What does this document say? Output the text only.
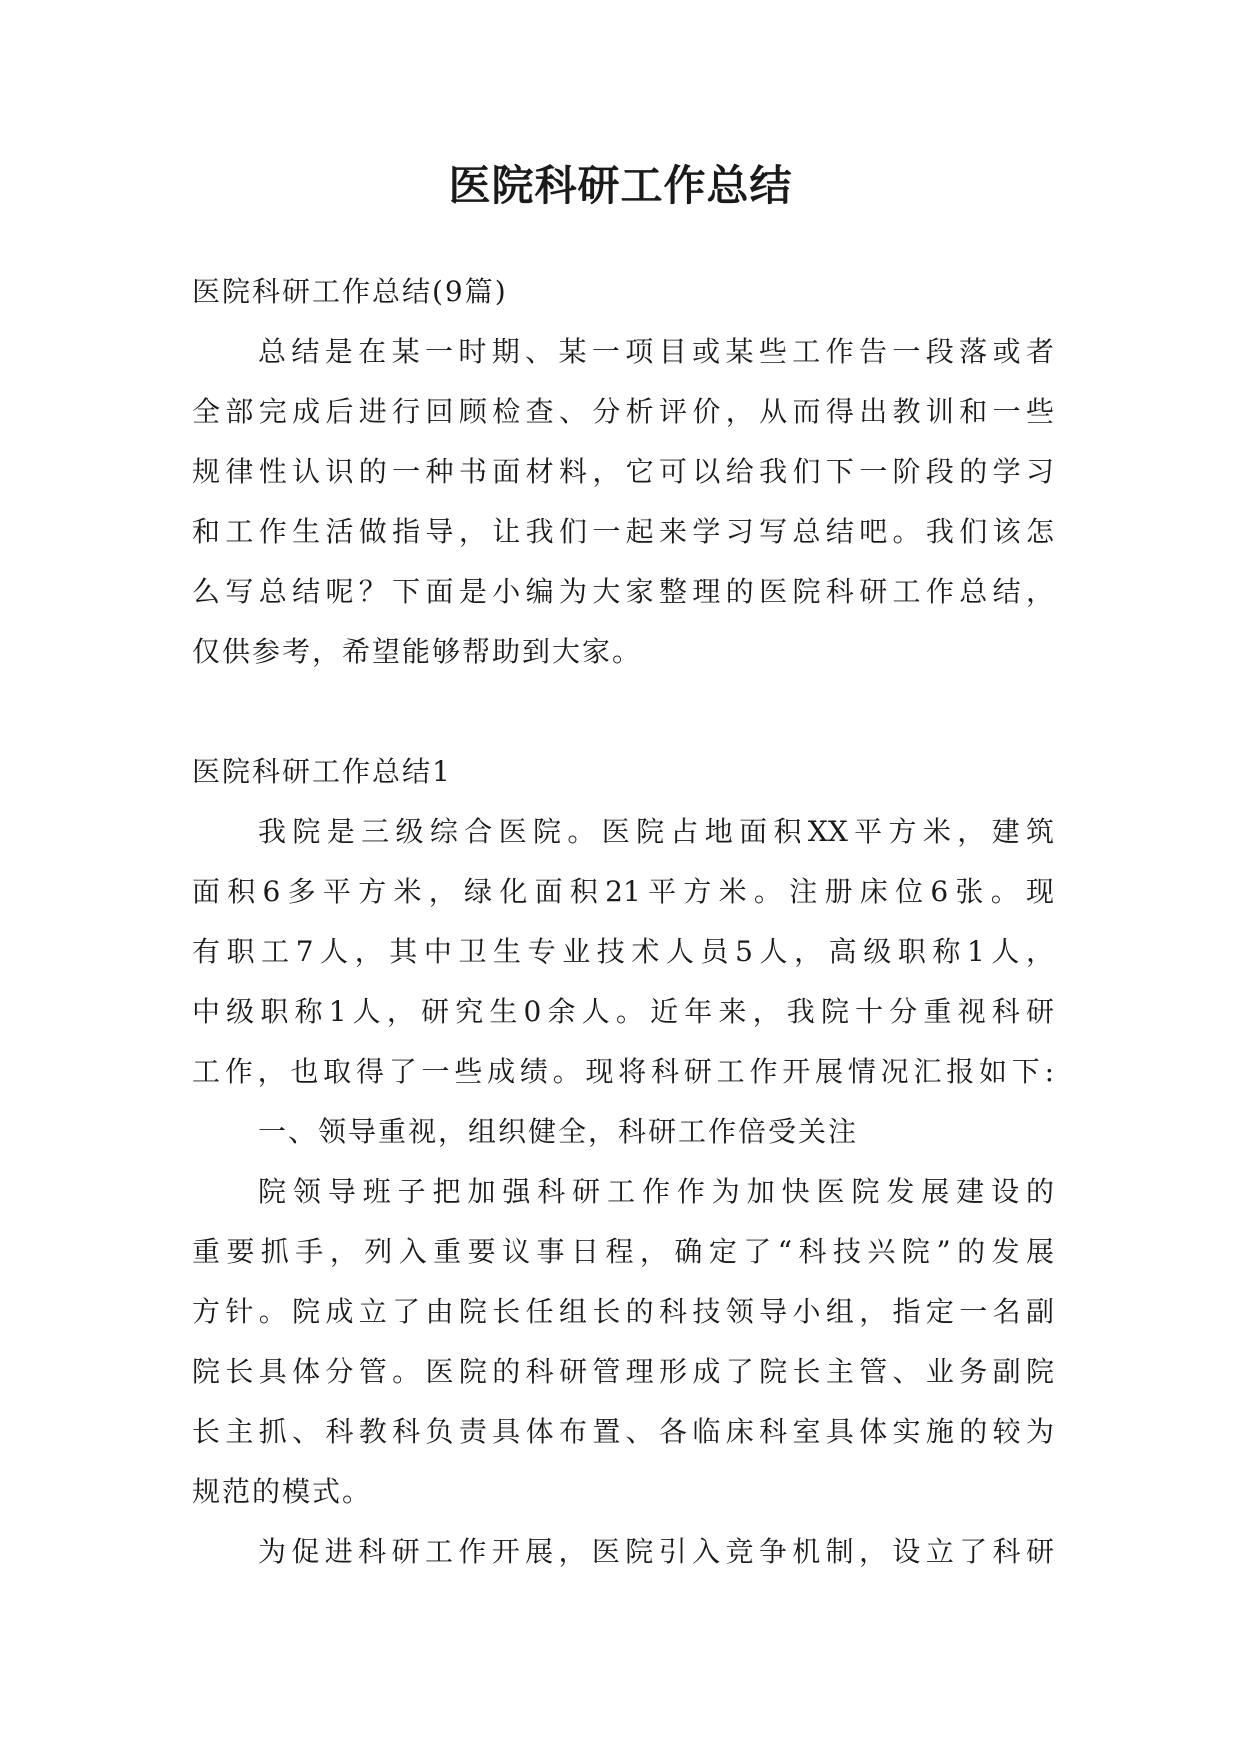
医院科研工作总结

医院科研工作总结(9篇)

总结是在某一时期、某一项目或某些工作告一段落或者

全部完成后进行回顾检查、分析评价，从而得出教训和一些

规律性认识的一种书面材料，它可以给我们下一阶段的学习

和工作生活做指导，让我们一起来学习写总结吧。我们该怎

么写总结呢？下面是小编为大家整理的医院科研工作总结，

仅供参考，希望能够帮助到大家。

医院科研工作总结1

我院是三级综合医院。医院占地面积XX平方米，建筑

面积6多平方米，绿化面积21平方米。注册床位6张。现

有职工7人，其中卫生专业技术人员5人，高级职称1人，

中级职称1人，研究生0余人。近年来，我院十分重视科研

工作，也取得了一些成绩。现将科研工作开展情况汇报如下:

一、领导重视，组织健全，科研工作倍受关注

院领导班子把加强科研工作作为加快医院发展建设的

重要抓手，列入重要议事日程，确定了“科技兴院”的发展

方针。院成立了由院长任组长的科技领导小组，指定一名副

院长具体分管。医院的科研管理形成了院长主管、业务副院

长主抓、科教科负责具体布置、各临床科室具体实施的较为

规范的模式。

为促进科研工作开展，医院引入竞争机制，设立了科研
